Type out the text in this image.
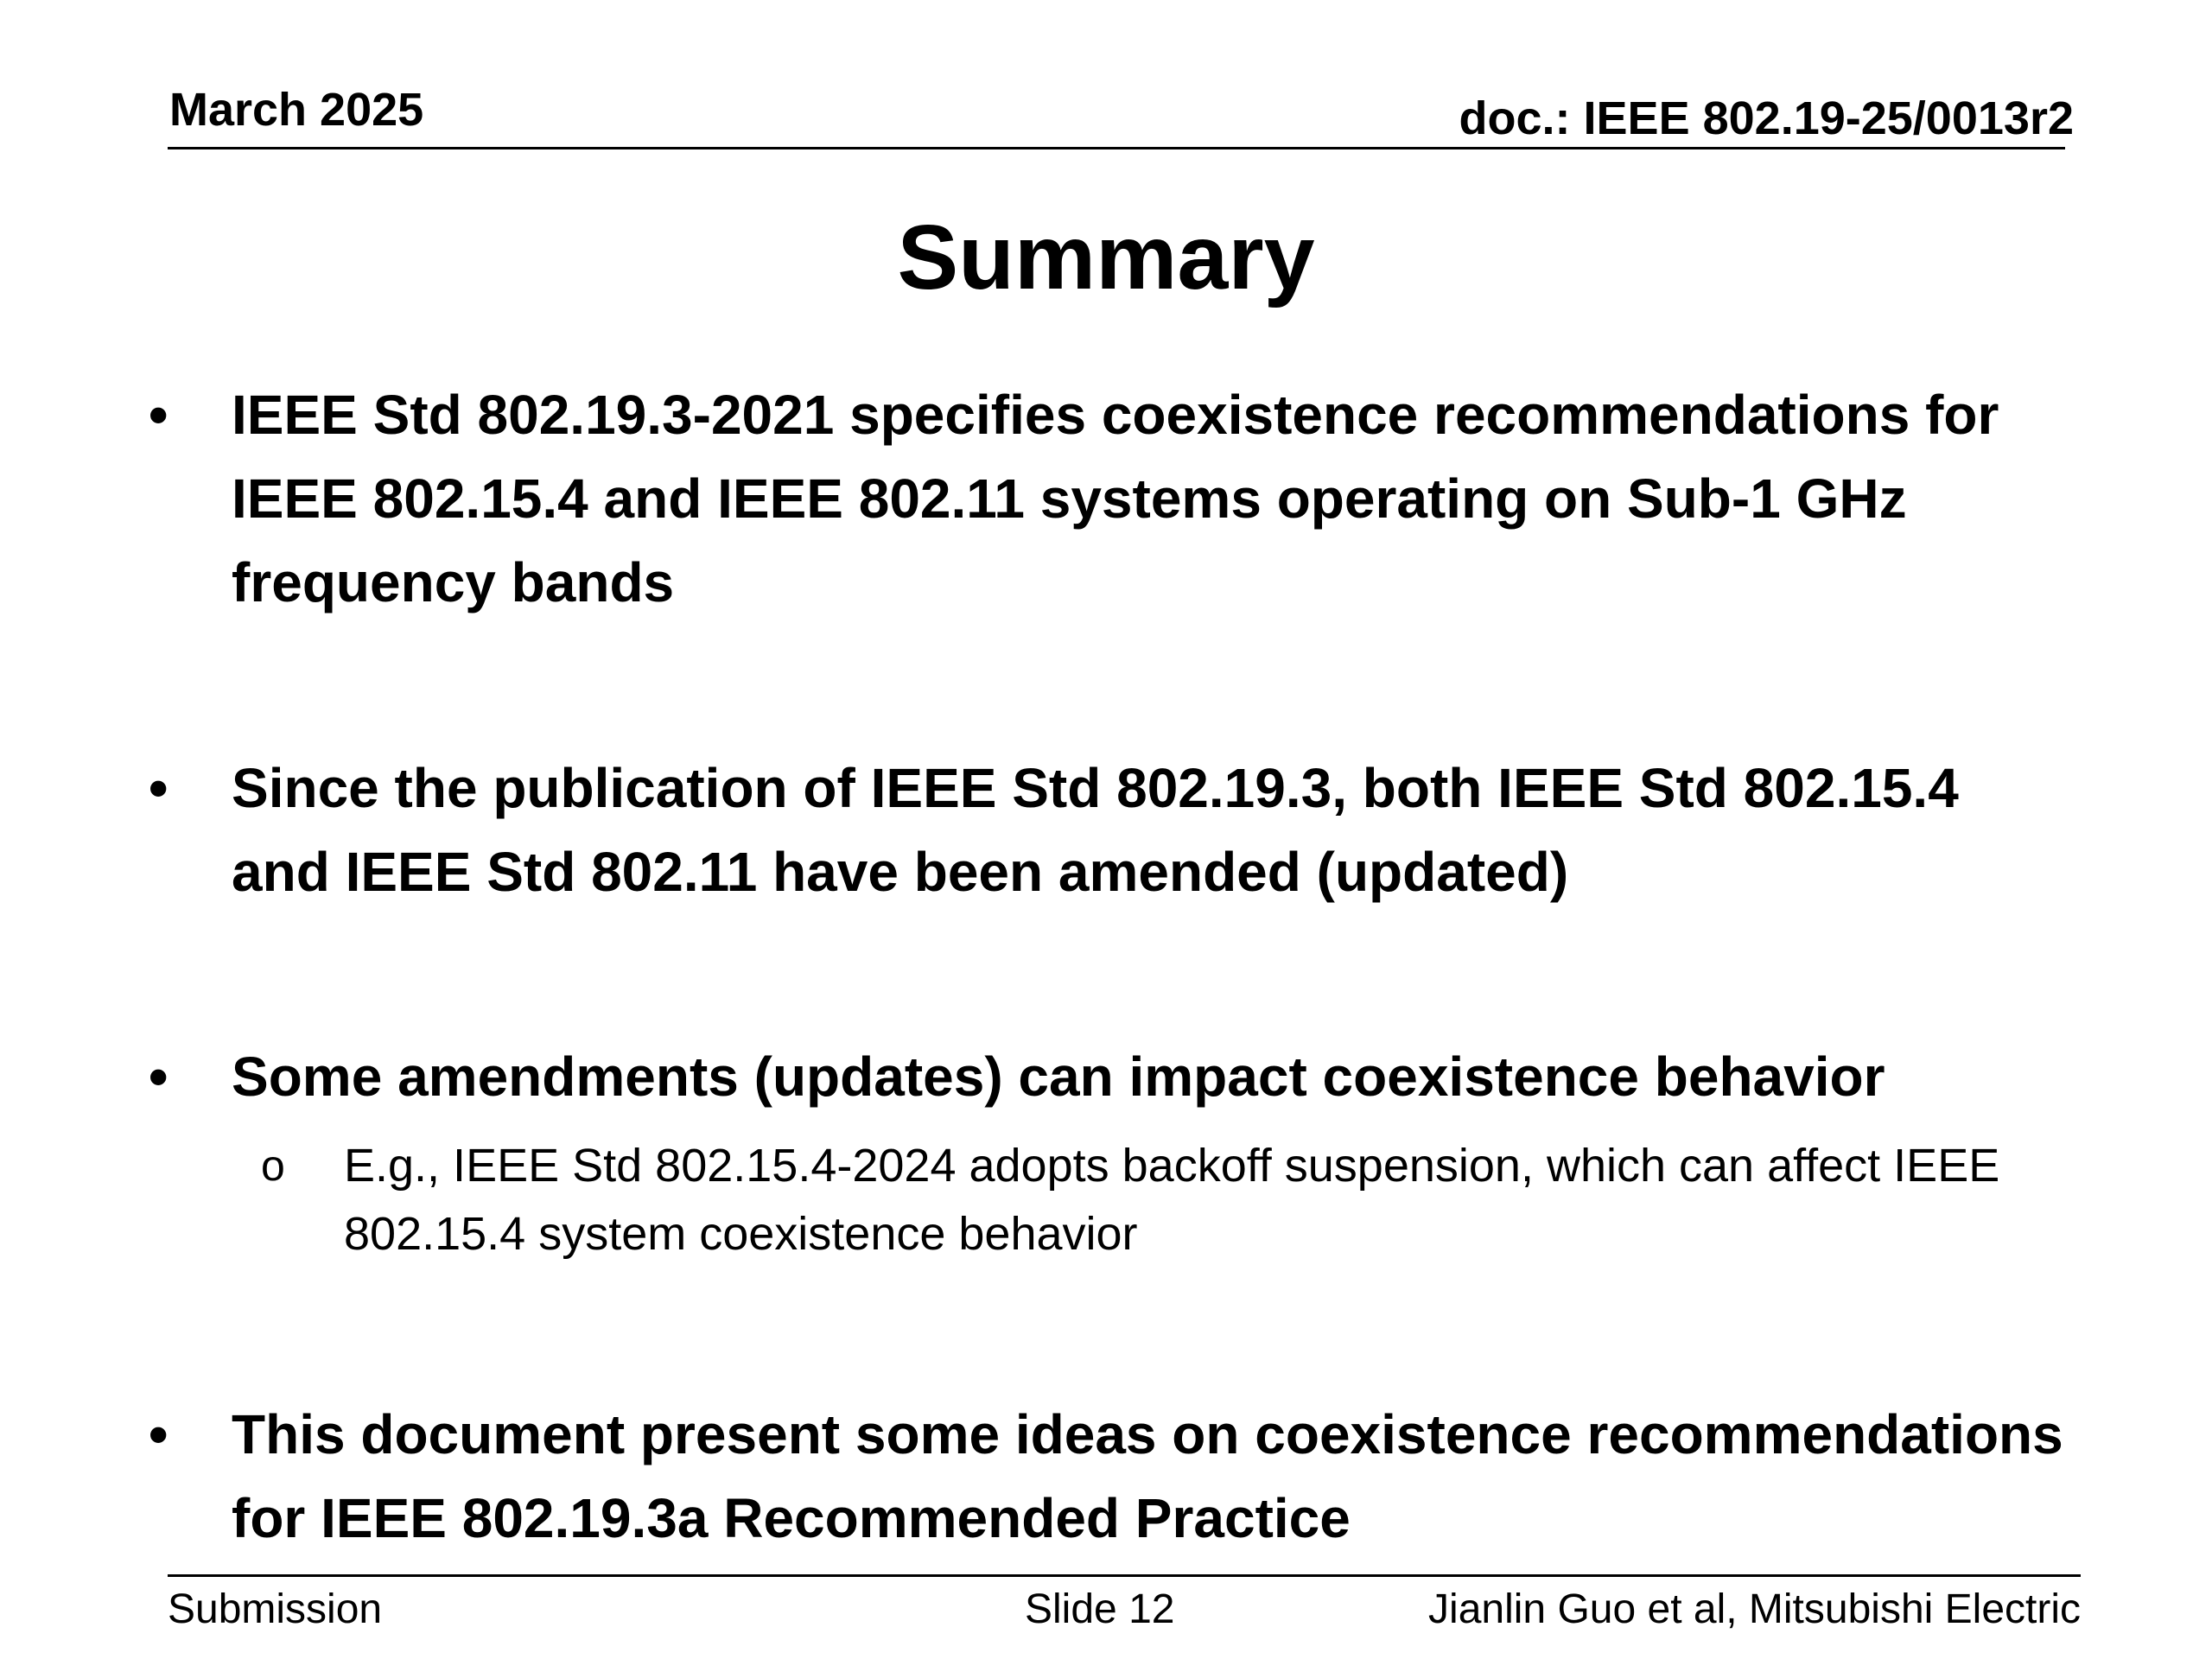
March 2025	doc.: IEEE 802.19-25/0013r2
Summary
• IEEE Std 802.19.3-2021 specifies coexistence recommendations for IEEE 802.15.4 and IEEE 802.11 systems operating on Sub-1 GHz frequency bands
• Since the publication of IEEE Std 802.19.3, both IEEE Std 802.15.4 and IEEE Std 802.11 have been amended (updated)
• Some amendments (updates) can impact coexistence behavior
o E.g., IEEE Std 802.15.4-2024 adopts backoff suspension, which can affect IEEE 802.15.4 system coexistence behavior
• This document present some ideas on coexistence recommendations for IEEE 802.19.3a Recommended Practice
Submission	Slide 12	Jianlin Guo et al, Mitsubishi Electric
